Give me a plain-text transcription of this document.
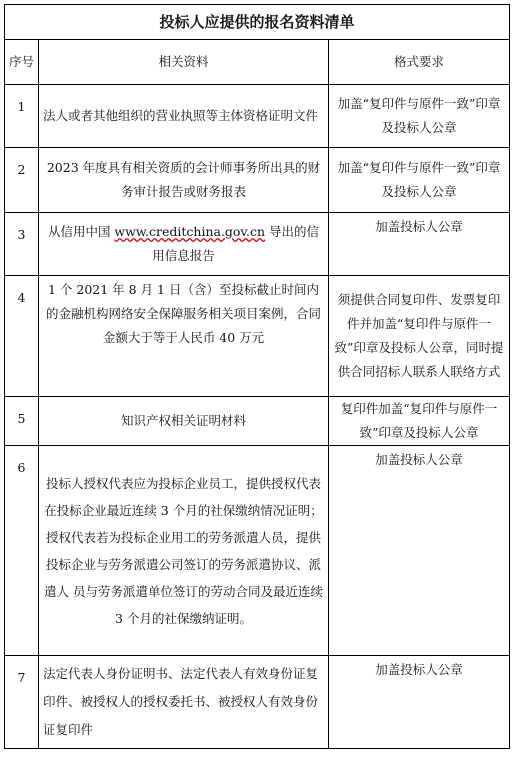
投标人应提供的报名资料清单		
序号	相关资料	格式要求
1	法人或者其他组织的营业执照等主体资格证明文件	加盖“复印件与原件一致”印章及投标人公章
2	2023 年度具有相关资质的会计师事务所出具的财务审计报告或财务报表	加盖“复印件与原件一致”印章及投标人公章
3	从信用中国 www.creditchina.gov.cn 导出的信用信息报告	加盖投标人公章
4	1 个 2021 年 8 月 1 日（含）至投标截止时间内的金融机构网络安全保障服务相关项目案例，合同金额大于等于人民币 40 万元	须提供合同复印件、发票复印件并加盖“复印件与原件一致”印章及投标人公章，同时提供合同招标人联系人联络方式
5	知识产权相关证明材料	复印件加盖“复印件与原件一致”印章及投标人公章
6	投标人授权代表应为投标企业员工，提供授权代表在投标企业最近连续 3 个月的社保缴纳情况证明；授权代表若为投标企业用工的劳务派遣人员，提供投标企业与劳务派遣公司签订的劳务派遣协议、派遣人 员与劳务派遣单位签订的劳动合同及最近连续 3 个月的社保缴纳证明。	加盖投标人公章
7	法定代表人身份证明书、法定代表人有效身份证复印件、被授权人的授权委托书、被授权人有效身份证复印件	加盖投标人公章
